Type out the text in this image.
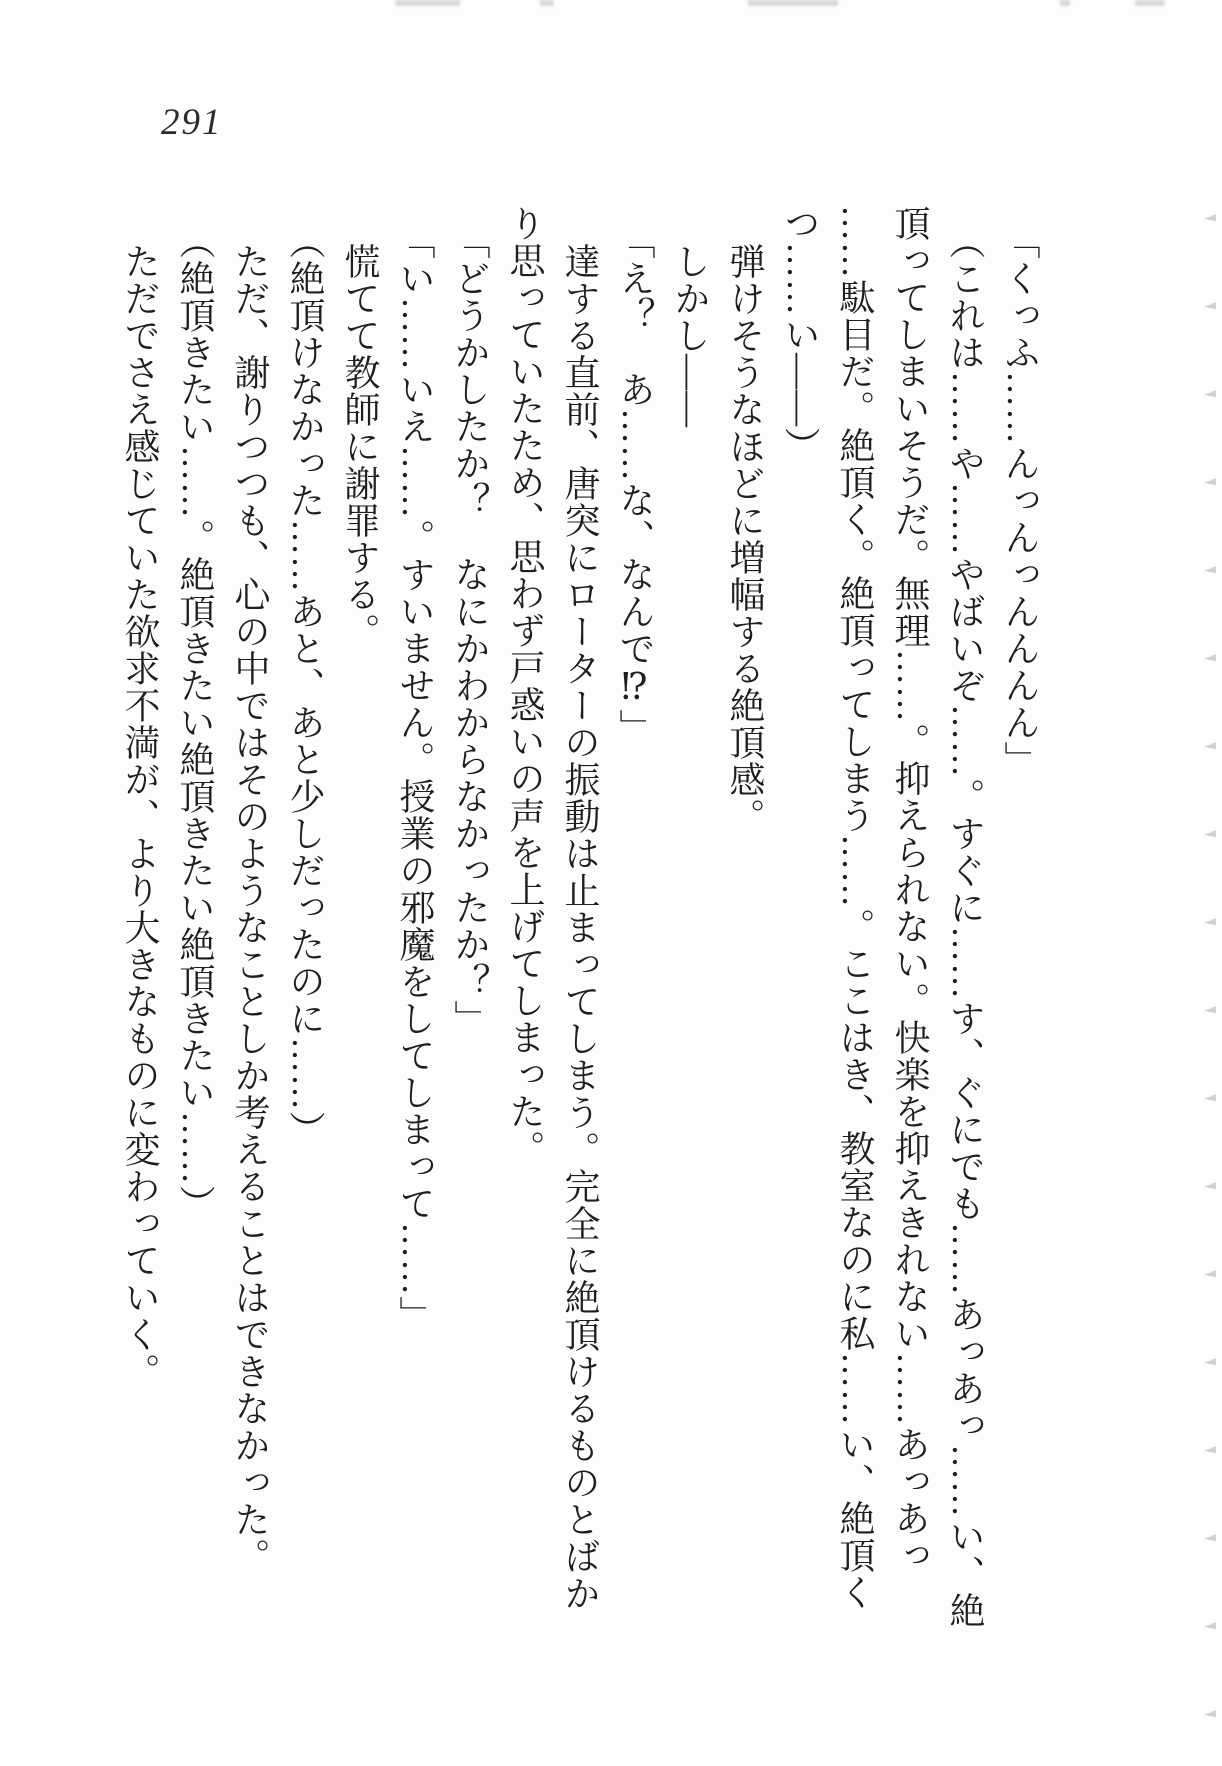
291

「くっふ……んっんっんんんん」

（これは……や……やばいぞ……。すぐに……す、ぐにでも……あっあっ……い、絶

頂ってしまいそうだ。無理……。抑えられない。快楽を抑えきれない……あっあっ

……駄目だ。絶頂く。絶頂ってしまう……。ここはき、教室なのに私……い、絶頂く

つ……い――）

弾けそうなほどに増幅する絶頂感。

しかし――

「え？　あ……な、なんで⁉」

達する直前、唐突にローターの振動は止まってしまう。完全に絶頂けるものとばか

り思っていたため、思わず戸惑いの声を上げてしまった。

「どうかしたか？　なにかわからなかったか？」

「い……いえ……。すいません。授業の邪魔をしてしまって……」

慌てて教師に謝罪する。

（絶頂けなかった……あと、あと少しだったのに……）

ただ、謝りつつも、心の中ではそのようなことしか考えることはできなかった。

（絶頂きたい……。絶頂きたい絶頂きたい絶頂きたい……）

ただでさえ感じていた欲求不満が、より大きなものに変わっていく。
